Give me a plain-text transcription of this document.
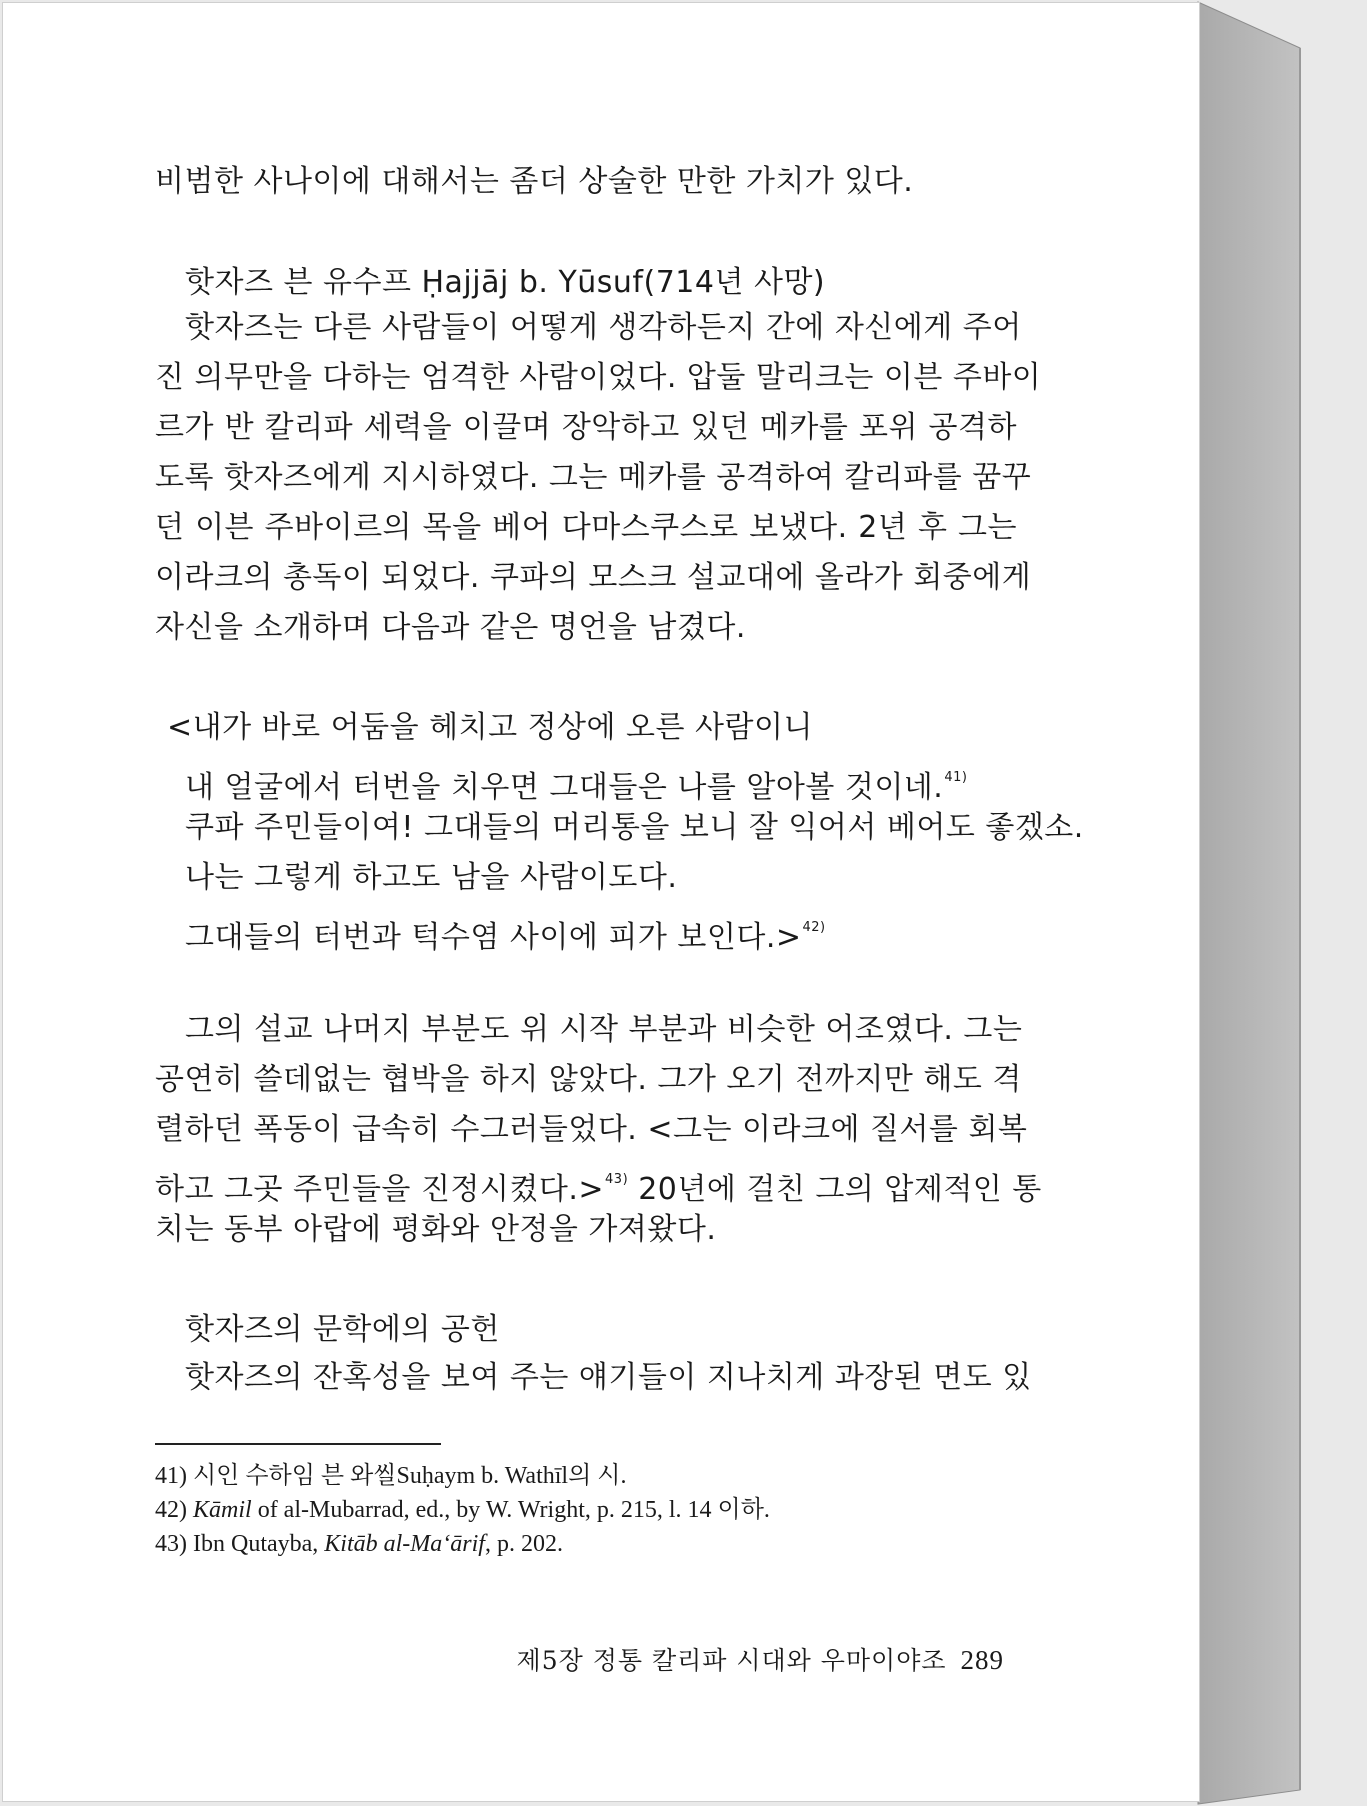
비범한 사나이에 대해서는 좀더 상술한 만한 가치가 있다.
핫자즈 븐 유수프 Ḥajjāj b. Yūsuf(714년 사망)
핫자즈는 다른 사람들이 어떻게 생각하든지 간에 자신에게 주어
진 의무만을 다하는 엄격한 사람이었다. 압둘 말리크는 이븐 주바이
르가 반 칼리파 세력을 이끌며 장악하고 있던 메카를 포위 공격하
도록 핫자즈에게 지시하였다. 그는 메카를 공격하여 칼리파를 꿈꾸
던 이븐 주바이르의 목을 베어 다마스쿠스로 보냈다. 2년 후 그는
이라크의 총독이 되었다. 쿠파의 모스크 설교대에 올라가 회중에게
자신을 소개하며 다음과 같은 명언을 남겼다.
<내가 바로 어둠을 헤치고 정상에 오른 사람이니
내 얼굴에서 터번을 치우면 그대들은 나를 알아볼 것이네.$^{41)}$
쿠파 주민들이여! 그대들의 머리통을 보니 잘 익어서 베어도 좋겠소.
나는 그렇게 하고도 남을 사람이도다.
그대들의 터번과 턱수염 사이에 피가 보인다.>$^{42)}$
그의 설교 나머지 부분도 위 시작 부분과 비슷한 어조였다. 그는
공연히 쓸데없는 협박을 하지 않았다. 그가 오기 전까지만 해도 격
렬하던 폭동이 급속히 수그러들었다. <그는 이라크에 질서를 회복
하고 그곳 주민들을 진정시켰다.>$^{43)}$ 20년에 걸친 그의 압제적인 통
치는 동부 아랍에 평화와 안정을 가져왔다.
핫자즈의 문학에의 공헌
핫자즈의 잔혹성을 보여 주는 얘기들이 지나치게 과장된 면도 있
41) 시인 수하임 븐 와씰Suḥaym b. Wathīl의 시.
42) Kāmil of al-Mubarrad, ed., by W. Wright, p. 215, l. 14 이하.
43) Ibn Qutayba, Kitāb al-Ma‘ārif, p. 202.
제5장 정통 칼리파 시대와 우마이야조 289
